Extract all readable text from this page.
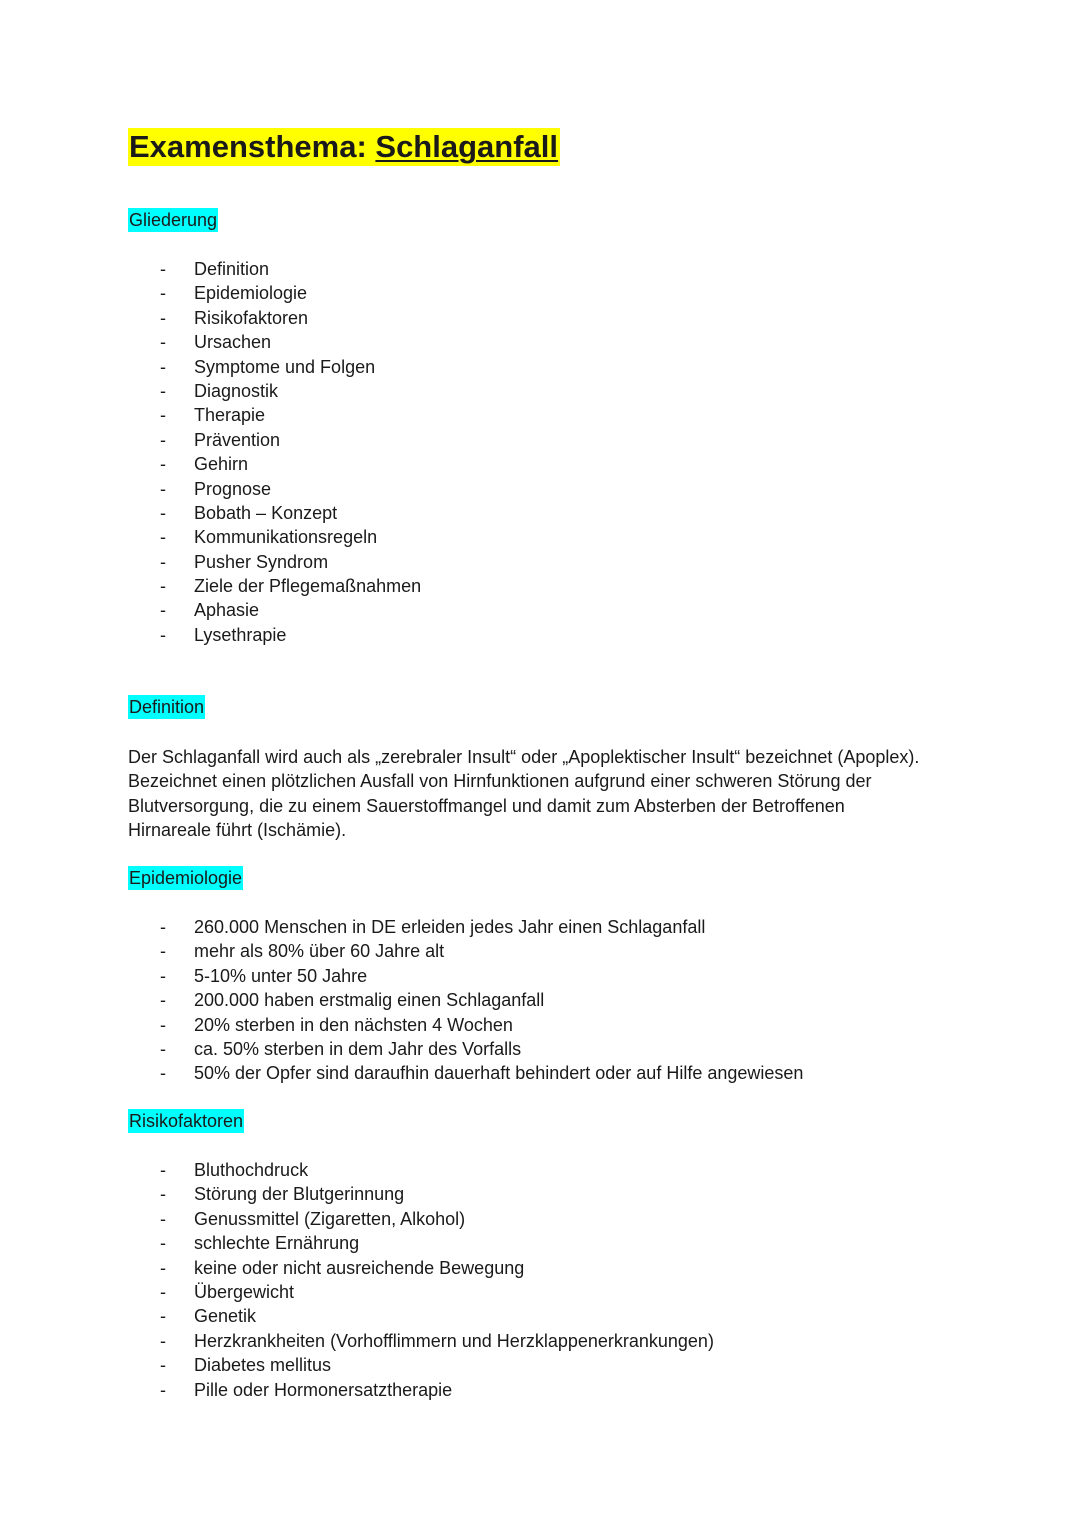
Examensthema: Schlaganfall
Gliederung
- Definition
- Epidemiologie
- Risikofaktoren
- Ursachen
- Symptome und Folgen
- Diagnostik
- Therapie
- Prävention
- Gehirn
- Prognose
- Bobath – Konzept
- Kommunikationsregeln
- Pusher Syndrom
- Ziele der Pflegemaßnahmen
- Aphasie
- Lysethrapie
Definition

Der Schlaganfall wird auch als „zerebraler Insult“ oder „Apoplektischer Insult“ bezeichnet (Apoplex).
Bezeichnet einen plötzlichen Ausfall von Hirnfunktionen aufgrund einer schweren Störung der
Blutversorgung, die zu einem Sauerstoffmangel und damit zum Absterben der Betroffenen
Hirnareale führt (Ischämie).

Epidemiologie
- 260.000 Menschen in DE erleiden jedes Jahr einen Schlaganfall
- mehr als 80% über 60 Jahre alt
- 5-10% unter 50 Jahre
- 200.000 haben erstmalig einen Schlaganfall
- 20% sterben in den nächsten 4 Wochen
- ca. 50% sterben in dem Jahr des Vorfalls
- 50% der Opfer sind daraufhin dauerhaft behindert oder auf Hilfe angewiesen
Risikofaktoren
- Bluthochdruck
- Störung der Blutgerinnung
- Genussmittel (Zigaretten, Alkohol)
- schlechte Ernährung
- keine oder nicht ausreichende Bewegung
- Übergewicht
- Genetik
- Herzkrankheiten (Vorhofflimmern und Herzklappenerkrankungen)
- Diabetes mellitus
- Pille oder Hormonersatztherapie
